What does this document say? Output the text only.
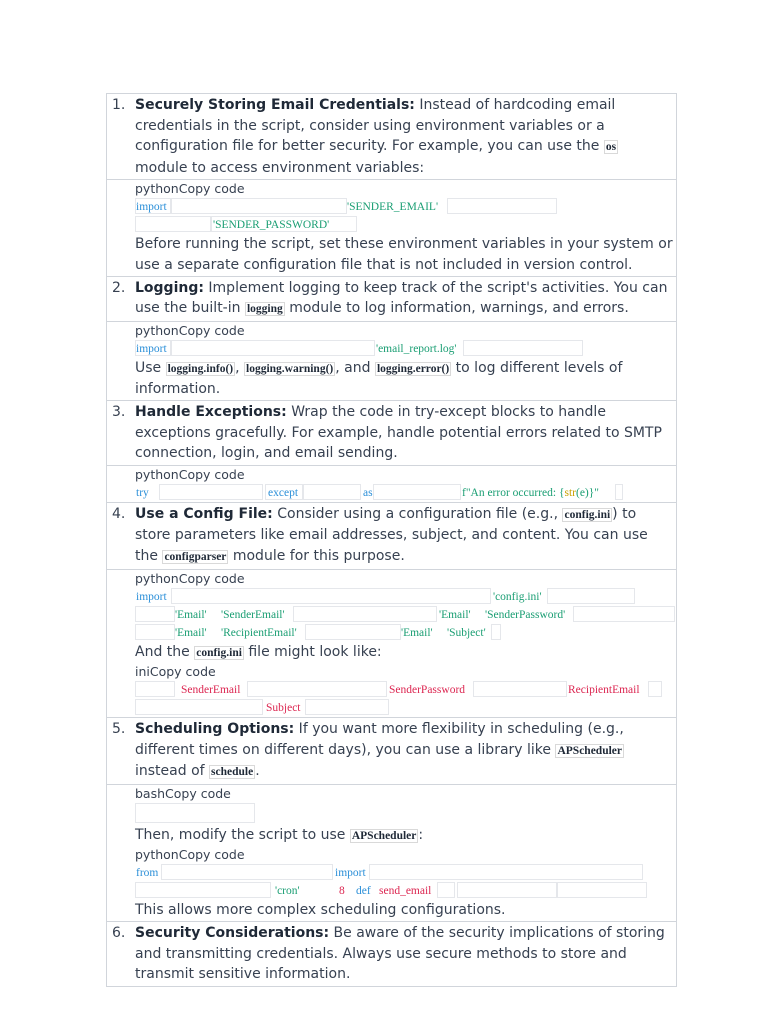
1. Securely Storing Email Credentials: Instead of hardcoding email credentials in the script, consider using environment variables or a configuration file for better security. For example, you can use the os module to access environment variables:
pythonCopy code
import	'SENDER_EMAIL'
'SENDER_PASSWORD'
Before running the script, set these environment variables in your system or use a separate configuration file that is not included in version control.
2. Logging: Implement logging to keep track of the script's activities. You can use the built-in logging module to log information, warnings, and errors.
pythonCopy code
import	'email_report.log'
Use logging.info() , logging.warning() , and logging.error() to log different levels of information.
3. Handle Exceptions: Wrap the code in try-except blocks to handle exceptions gracefully. For example, handle potential errors related to SMTP connection, login, and email sending.
pythonCopy code
try	except	as	f"An error occurred: {str(e)}"
4. Use a Config File: Consider using a configuration file (e.g., config.ini ) to store parameters like email addresses, subject, and content. You can use the configparser module for this purpose.
pythonCopy code
import	'config.ini'
'Email' 'SenderEmail'	'Email' 'SenderPassword'
'Email' 'RecipientEmail'	'Email' 'Subject'
And the config.ini file might look like:
iniCopy code
SenderEmail	SenderPassword	RecipientEmail
Subject
5. Scheduling Options: If you want more flexibility in scheduling (e.g., different times on different days), you can use a library like APScheduler instead of schedule .
bashCopy code
Then, modify the script to use APScheduler :
pythonCopy code
from	import
'cron'	8 def send_email
This allows more complex scheduling configurations.
6. Security Considerations: Be aware of the security implications of storing and transmitting credentials. Always use secure methods to store and transmit sensitive information.
